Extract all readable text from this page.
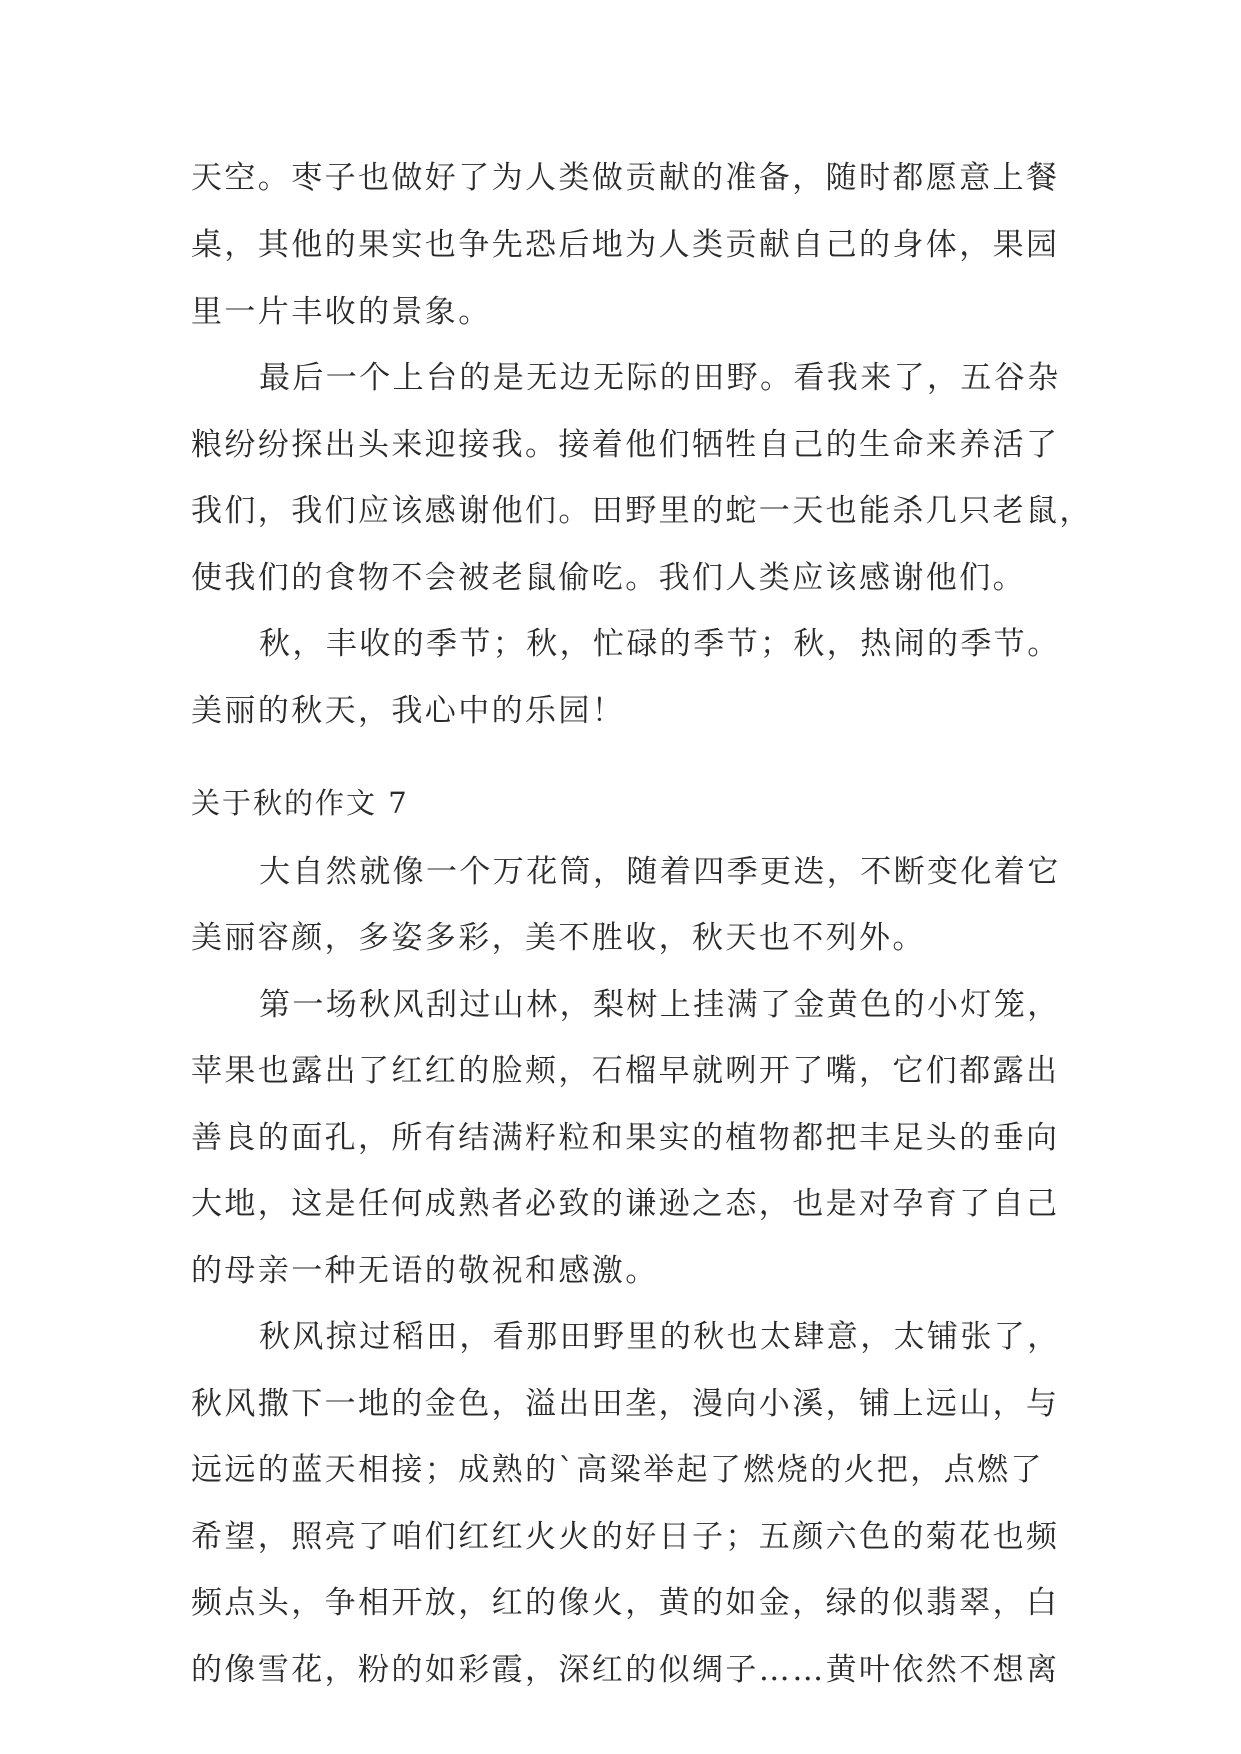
天空。枣子也做好了为人类做贡献的准备，随时都愿意上餐
桌，其他的果实也争先恐后地为人类贡献自己的身体，果园
里一片丰收的景象。
最后一个上台的是无边无际的田野。看我来了，五谷杂
粮纷纷探出头来迎接我。接着他们牺牲自己的生命来养活了
我们，我们应该感谢他们。田野里的蛇一天也能杀几只老鼠，
使我们的食物不会被老鼠偷吃。我们人类应该感谢他们。
秋，丰收的季节；秋，忙碌的季节；秋，热闹的季节。
美丽的秋天，我心中的乐园！
关于秋的作文 7
大自然就像一个万花筒，随着四季更迭，不断变化着它
美丽容颜，多姿多彩，美不胜收，秋天也不列外。
第一场秋风刮过山林，梨树上挂满了金黄色的小灯笼，
苹果也露出了红红的脸颊，石榴早就咧开了嘴，它们都露出
善良的面孔，所有结满籽粒和果实的植物都把丰足头的垂向
大地，这是任何成熟者必致的谦逊之态，也是对孕育了自己
的母亲一种无语的敬祝和感激。
秋风掠过稻田，看那田野里的秋也太肆意，太铺张了，
秋风撒下一地的金色，溢出田垄，漫向小溪，铺上远山，与
远远的蓝天相接；成熟的`高粱举起了燃烧的火把，点燃了
希望，照亮了咱们红红火火的好日子；五颜六色的菊花也频
频点头，争相开放，红的像火，黄的如金，绿的似翡翠，白
的像雪花，粉的如彩霞，深红的似绸子……黄叶依然不想离
